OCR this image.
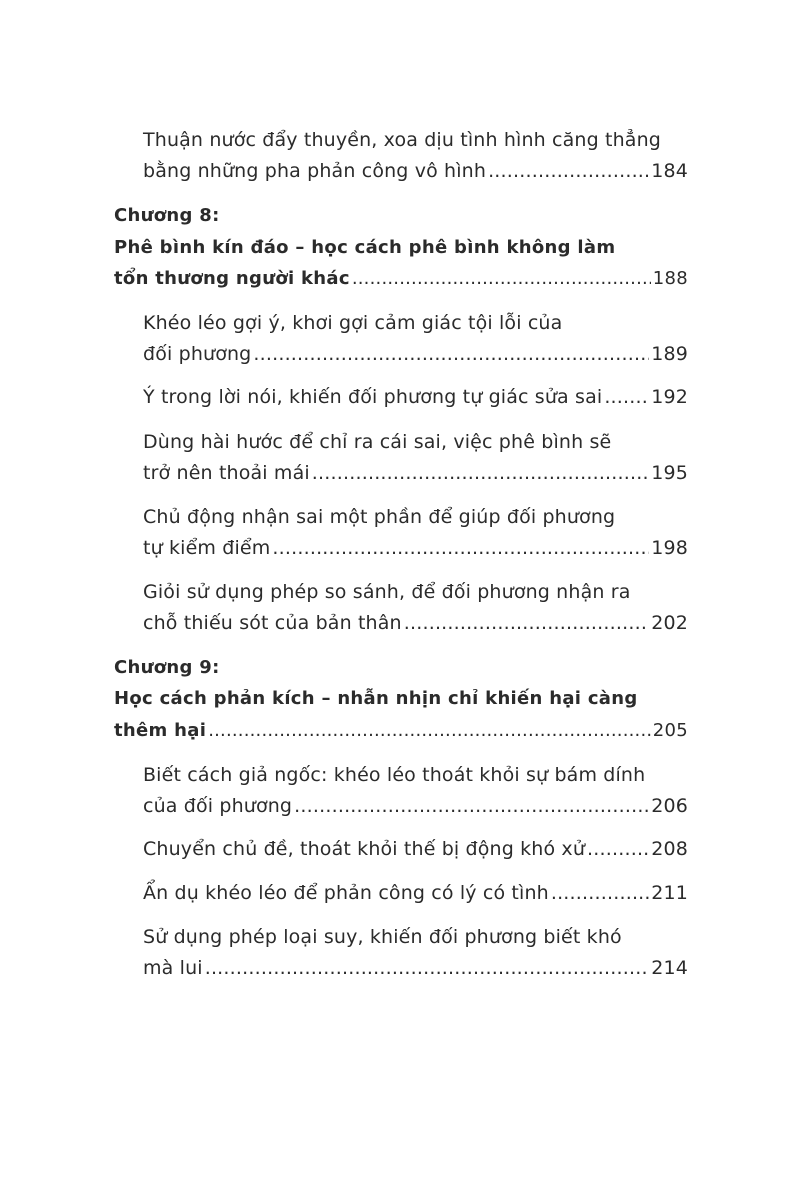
Thuận nước đẩy thuyền, xoa dịu tình hình căng thẳng
bằng những pha phản công vô hình .....	184
Chương 8:
Phê bình kín đáo – học cách phê bình không làm
tổn thương người khác .....	188
Khéo léo gợi ý, khơi gợi cảm giác tội lỗi của
đối phương .....	189
Ý trong lời nói, khiến đối phương tự giác sửa sai .....	192
Dùng hài hước để chỉ ra cái sai, việc phê bình sẽ
trở nên thoải mái .....	195
Chủ động nhận sai một phần để giúp đối phương
tự kiểm điểm .....	198
Giỏi sử dụng phép so sánh, để đối phương nhận ra
chỗ thiếu sót của bản thân .....	202
Chương 9:
Học cách phản kích – nhẫn nhịn chỉ khiến hại càng
thêm hại .....	205
Biết cách giả ngốc: khéo léo thoát khỏi sự bám dính
của đối phương .....	206
Chuyển chủ đề, thoát khỏi thế bị động khó xử .....	208
Ẩn dụ khéo léo để phản công có lý có tình .....	211
Sử dụng phép loại suy, khiến đối phương biết khó
mà lui .....	214
